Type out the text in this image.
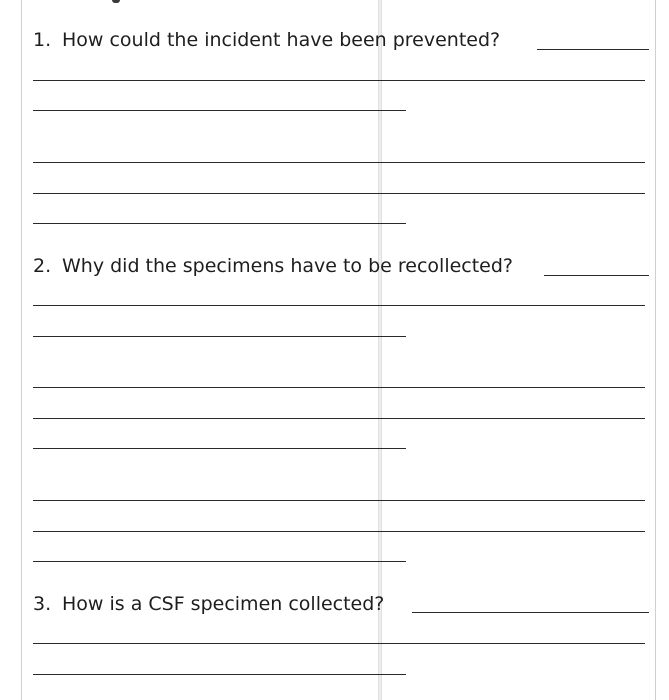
1. How could the incident have been prevented?

2. Why did the specimens have to be recollected?

3. How is a CSF specimen collected?
